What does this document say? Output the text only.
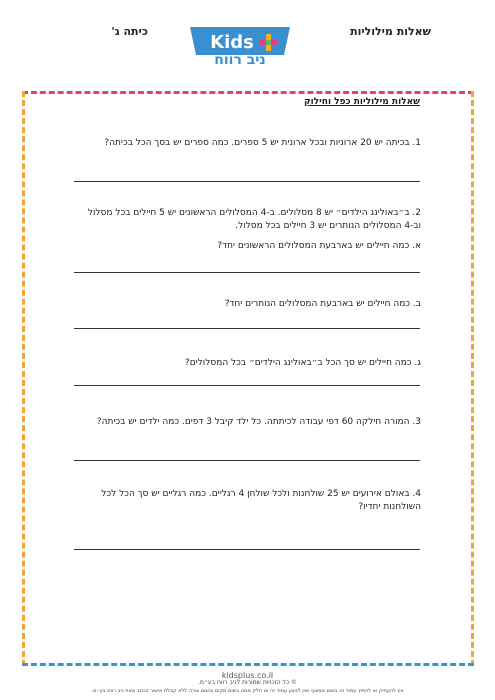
שאלות מילוליות
כיתה ג'
Kids
ניב רווח
שאלות מילוליות כפל וחילוק
1. בכיתה יש 20 ארוניות ובכל ארונית יש 5 ספרים. כמה ספרים יש בסך הכל בכיתה?
2. ב״באולינג הילדים״ יש 8 מסלולים. ב-4 המסלולים הראשונים יש 5 חיילים בכל מסלול וב-4 המסלולים הנותרים יש 3 חיילים בכל מסלול.
א. כמה חיילים יש בארבעת המסלולים הראשונים יחד?
ב. כמה חיילים יש בארבעת המסלולים הנותרים יחד?
ג. כמה חיילים יש סך הכל ב״באולינג הילדים״ בכל המסלולים?
3. המורה חילקה 60 דפי עבודה לכיתתה. כל ילד קיבל 3 דפים. כמה ילדים יש בכיתה?
4. באולם אירועים יש 25 שולחנות ולכל שולחן 4 רגליים. כמה רגליים יש סך הכל לכל השולחנות יחדיו?
kidsplus.co.il
© כל הזכויות שמורות לניב רווח בע״מ.
אין להעתיק או להפיץ עמוד זה בשום אמצעי ואין לבצע עמוד זה או חלק ממנו בשום מקום ובשום צורה ללא קבלת אישור בכתב מאת ניב רווח בע״מ.
